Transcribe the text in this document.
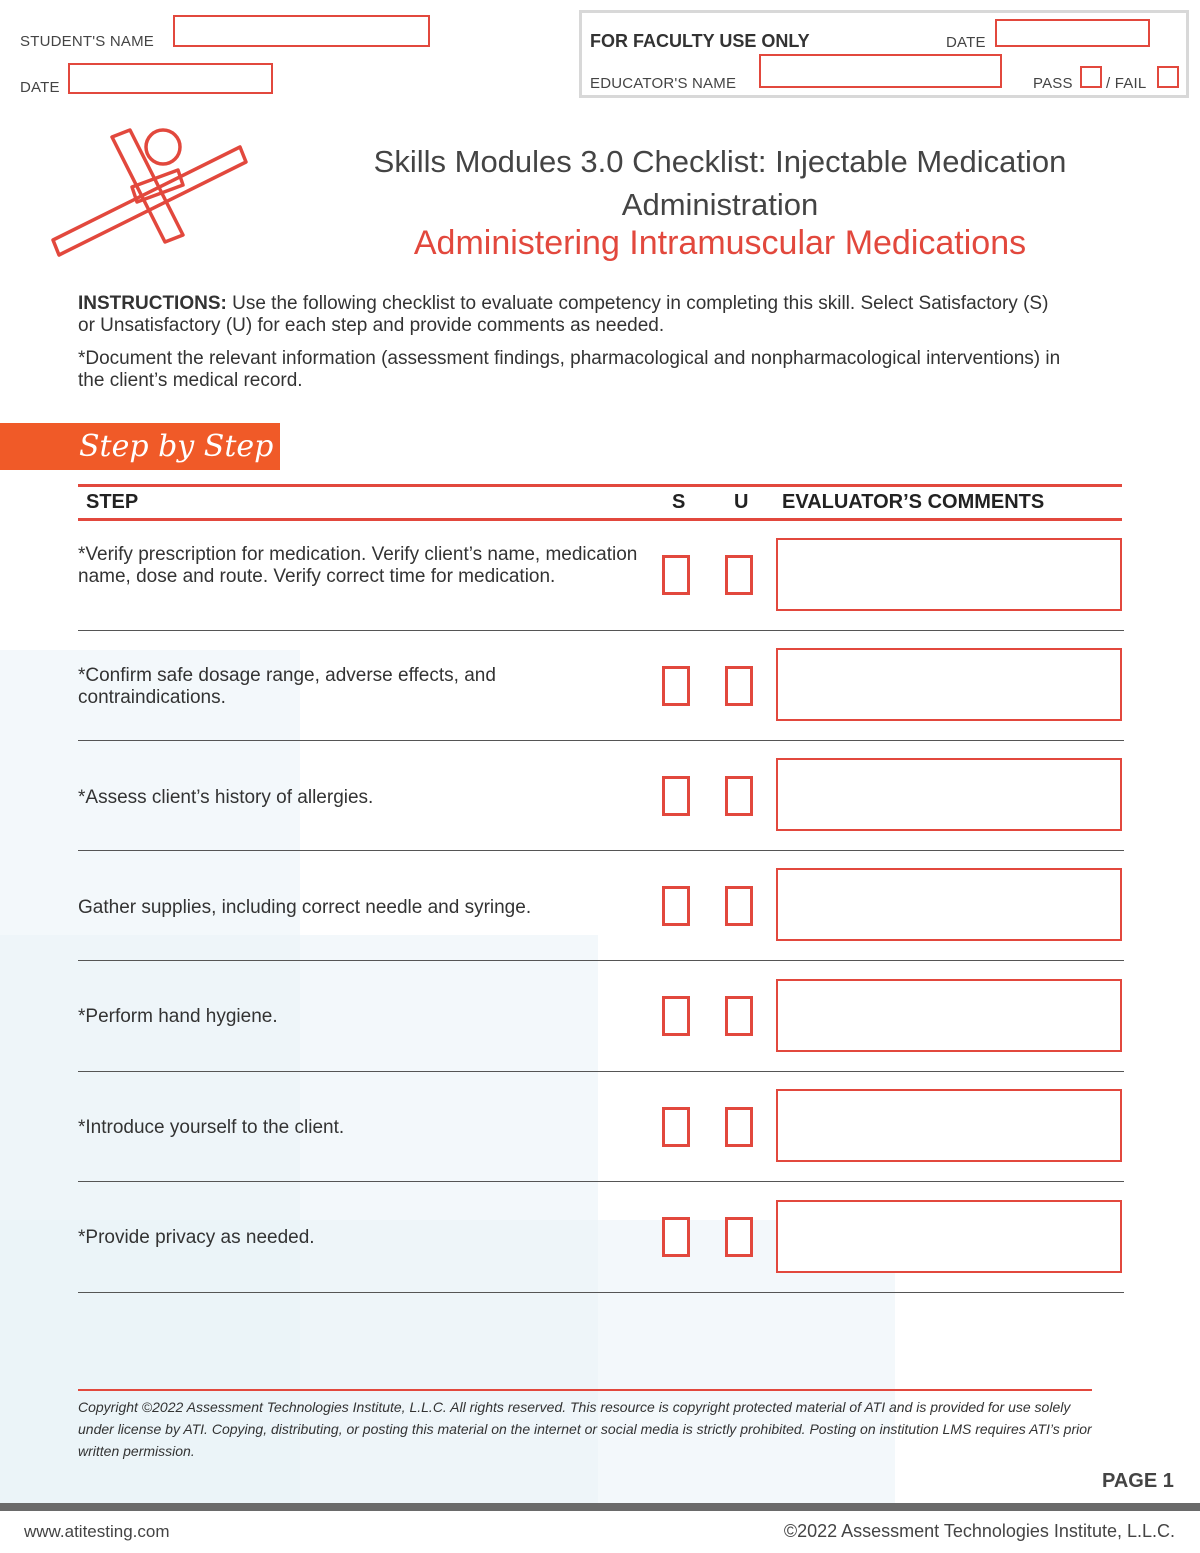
STUDENT'S NAME
DATE
FOR FACULTY USE ONLY	DATE
EDUCATOR'S NAME	PASS / FAIL
Skills Modules 3.0 Checklist: Injectable Medication
Administration
Administering Intramuscular Medications
INSTRUCTIONS: Use the following checklist to evaluate competency in completing this skill. Select Satisfactory (S) or Unsatisfactory (U) for each step and provide comments as needed.
*Document the relevant information (assessment findings, pharmacological and nonpharmacological interventions) in the client’s medical record.
Step by Step
STEP	S U EVALUATOR’S COMMENTS
*Verify prescription for medication. Verify client’s name, medication name, dose and route. Verify correct time for medication.
*Confirm safe dosage range, adverse effects, and contraindications.
*Assess client’s history of allergies.
Gather supplies, including correct needle and syringe.
*Perform hand hygiene.
*Introduce yourself to the client.
*Provide privacy as needed.
Copyright ©2022 Assessment Technologies Institute, L.L.C. All rights reserved. This resource is copyright protected material of ATI and is provided for use solely under license by ATI. Copying, distributing, or posting this material on the internet or social media is strictly prohibited. Posting on institution LMS requires ATI’s prior written permission.
PAGE 1
www.atitesting.com	©2022 Assessment Technologies Institute, L.L.C.
